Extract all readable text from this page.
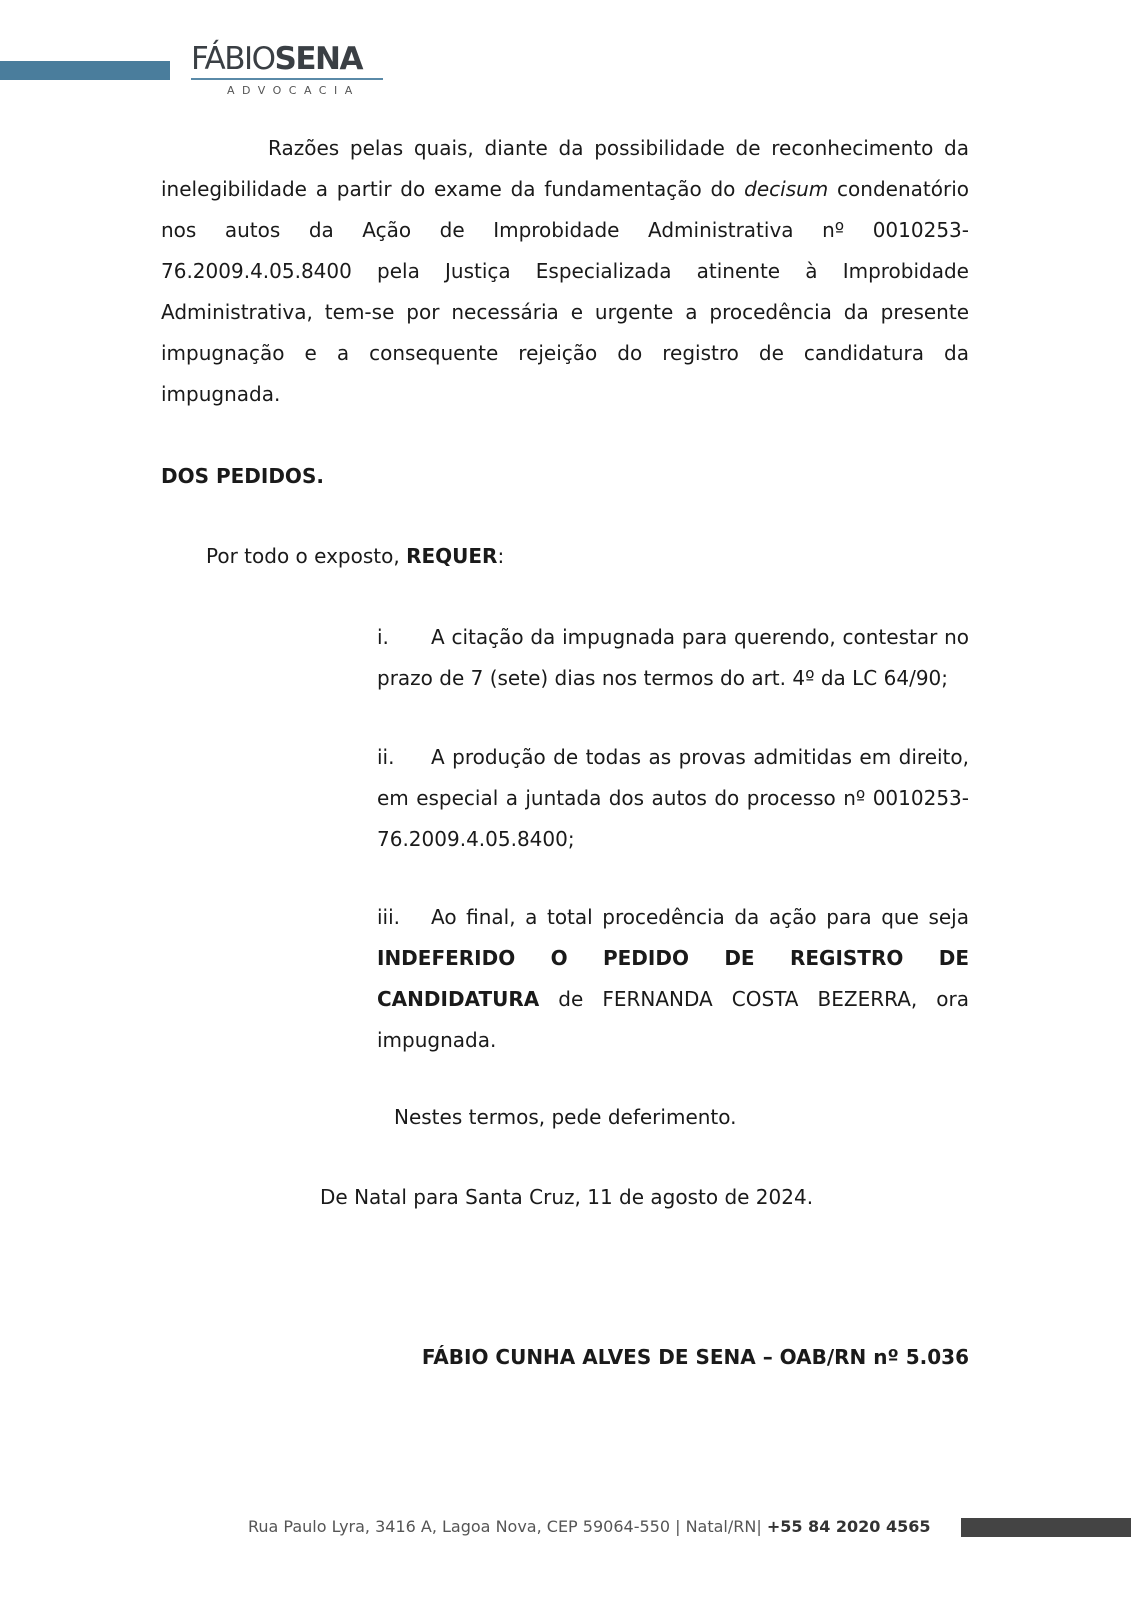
FÁBIOSENA
ADVOCACIA

Razões pelas quais, diante da possibilidade de reconhecimento da inelegibilidade a partir do exame da fundamentação do decisum condenatório nos autos da Ação de Improbidade Administrativa nº 0010253-76.2009.4.05.8400 pela Justiça Especializada atinente à Improbidade Administrativa, tem-se por necessária e urgente a procedência da presente impugnação e a consequente rejeição do registro de candidatura da impugnada.

DOS PEDIDOS.
Por todo o exposto, REQUER:
i. A citação da impugnada para querendo, contestar no prazo de 7 (sete) dias nos termos do art. 4º da LC 64/90;
ii. A produção de todas as provas admitidas em direito, em especial a juntada dos autos do processo nº 0010253-76.2009.4.05.8400;
iii. Ao final, a total procedência da ação para que seja INDEFERIDO O PEDIDO DE REGISTRO DE CANDIDATURA de FERNANDA COSTA BEZERRA, ora impugnada.
Nestes termos, pede deferimento.
De Natal para Santa Cruz, 11 de agosto de 2024.
FÁBIO CUNHA ALVES DE SENA – OAB/RN nº 5.036
Rua Paulo Lyra, 3416 A, Lagoa Nova, CEP 59064-550 | Natal/RN| +55 84 2020 4565
